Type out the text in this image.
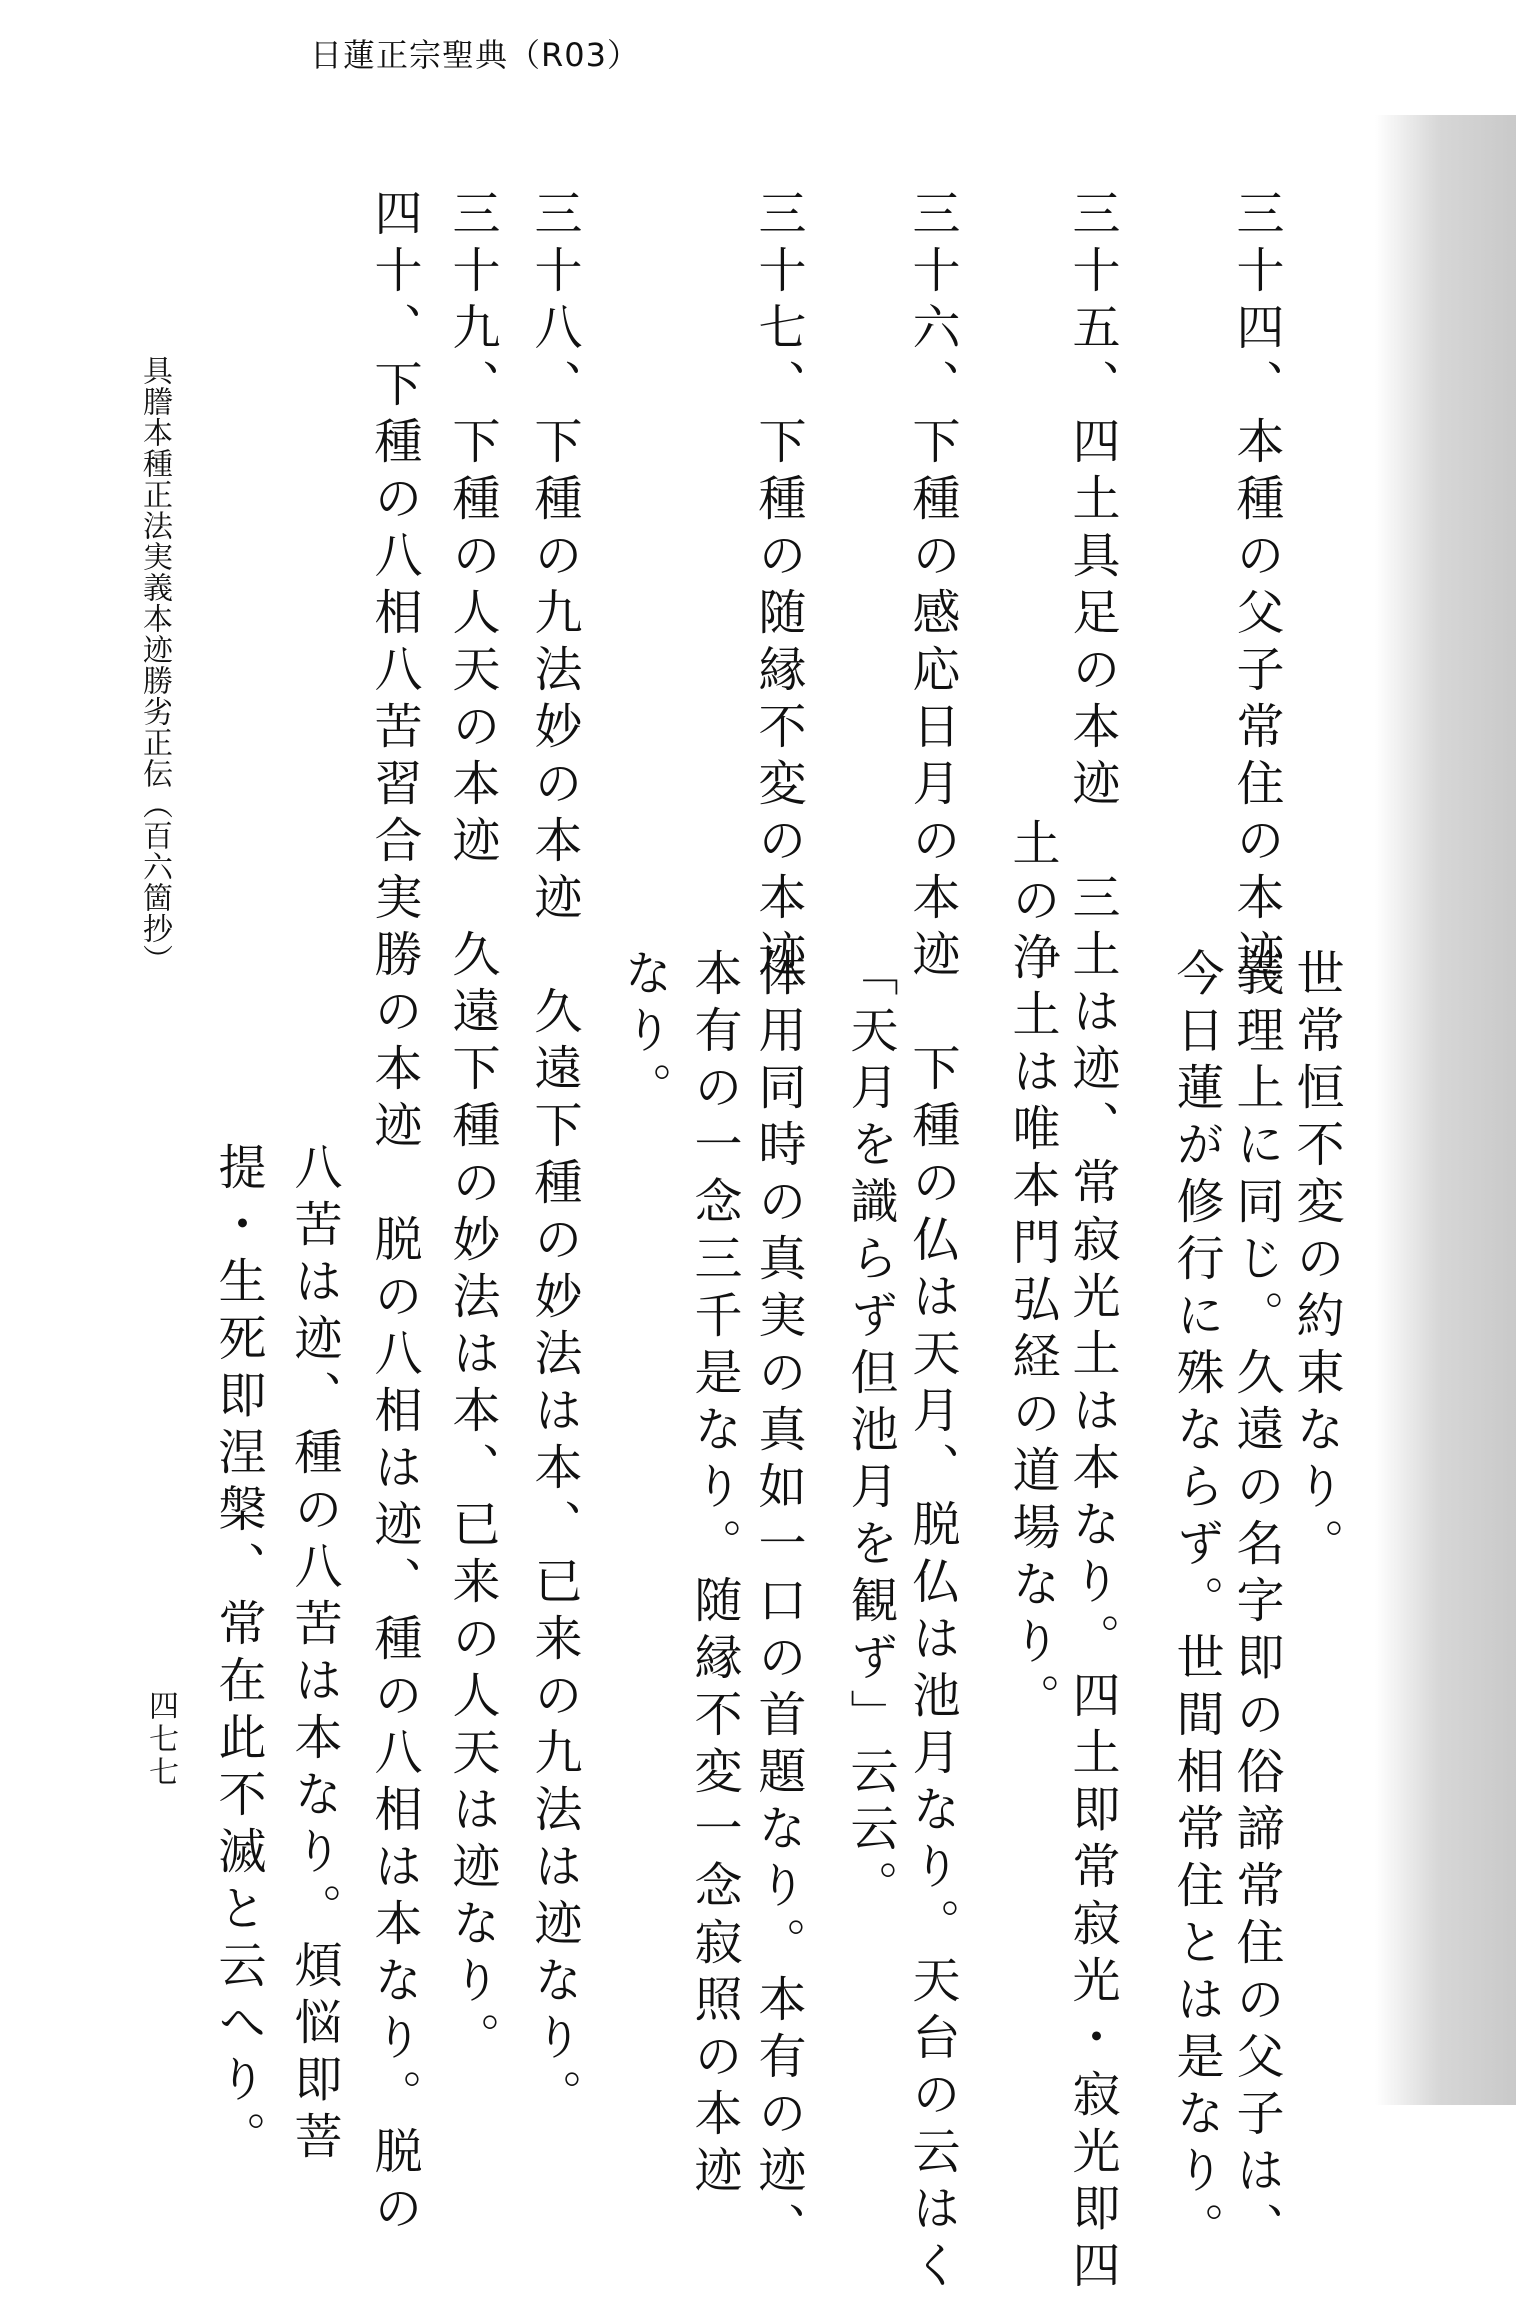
日蓮正宗聖典（R03）
三十四、本種の父子常住の本迹
世常恒不変の約束なり。
義理上に同じ。久遠の名字即の俗諦常住の父子は、
今日蓮が修行に殊ならず。世間相常住とは是なり。
三十五、四土具足の本迹　三土は迹、常寂光土は本なり。四土即常寂光・寂光即四
土の浄土は唯本門弘経の道場なり。
三十六、下種の感応日月の本迹　下種の仏は天月、脱仏は池月なり。天台の云はく
「天月を識らず但池月を観ず」云云。
三十七、下種の随縁不変の本迹
体用同時の真実の真如一口の首題なり。本有の迹、
本有の一念三千是なり。随縁不変一念寂照の本迹
なり。
三十八、下種の九法妙の本迹　久遠下種の妙法は本、已来の九法は迹なり。
三十九、下種の人天の本迹　久遠下種の妙法は本、已来の人天は迹なり。
四十、下種の八相八苦習合実勝の本迹　脱の八相は迹、種の八相は本なり。脱の
八苦は迹、種の八苦は本なり。煩悩即菩
提・生死即涅槃、常在此不滅と云へり。
具謄本種正法実義本迹勝劣正伝（百六箇抄）
四七七
